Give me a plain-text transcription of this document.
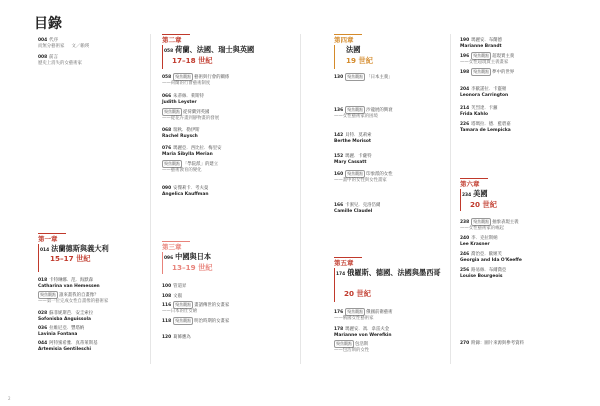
目錄
004 代序
而無分藝術家 　 文／賴瑛
008 前言
歷史上消失的女藝術家
第一章
014 法蘭德斯與義大利
15–17 世紀
018 卡特琳娜．范．海默森
Catharina van Hemessen
聚焦觀點 誰來畫我的自畫像？
——第一位完成女性自畫像的藝術家
028 蘇菲妮斯芭．安圭索拉
Sofonisba Anguissola
036 拉維尼亞．豐塔納
Lavinia Fontana
044 阿特蜜希雅．真蒂萊斯基
Artemisia Gentileschi
第二章
058 荷蘭、法國、瑞士與英國
17–18 世紀
058 聚焦觀點 藝術與行會的關係
——荷蘭的行會藝術制度
066 朱蒂絲．萊斯特
Judith Leyster
聚焦觀點 從荷蘭到英國
——從花卉畫到靜物畫的發展
068 瑞秋．勒伊斯
Rachel Ruysch
076 瑪麗亞．西比拉．梅里安
Maria Sibylla Merian
聚焦觀點 「學院派」的建立
——藝術教育的變化
090 安傑莉卡．考夫曼
Angelica Kauffman
第三章
096 中國與日本
13–19 世紀
100 管道昇
108 文俶
116 聚焦觀點 畫譜傳世的女畫家
——日本的仕女繪
118 聚焦觀點 明治時期的女畫家
120 葛飾應為
第四章
法國
19 世紀
130 聚焦觀點 「日本主義」
136 聚焦觀點 沙龍展的興衰
——女性藝術家的困境
142 貝特．莫莉索
Berthe Morisot
152 瑪麗．卡薩特
Mary Cassatt
160 聚焦觀點 印象派的女性
——畫中的女性與女性畫家
166 卡蜜兒．克洛岱爾
Camille Claudel
第五章
174 俄羅斯、德國、法國與墨西哥
20 世紀
176 聚焦觀點 俄國前衛藝術
——俄國女性藝術家
178 瑪麗安．馮．韋雷夫金
Marianne von Werefkin
聚焦觀點 包浩斯
——包浩斯的女性
190 瑪麗安．布蘭德
Marianne Brandt
196 聚焦觀點 超現實主義
——女性超現實主義畫家
198 聚焦觀點 夢中的世界
204 李歐諾拉．卡靈頓
Leonora Carrington
214 芙烈達．卡蘿
Frida Kahlo
226 塔瑪拉．德．藍碧嘉
Tamara de Lempicka
第六章
234 美國
20 世紀
238 聚焦觀點 抽象表現主義
——女性藝術家的崛起
240 李．克拉斯納
Lee Krasner
246 喬治亞．歐姬芙
Georgia and Ida O'Keeffe
256 路易絲．布爾喬亞
Louise Bourgeois
270 附錄：圖片來源與參考資料
2
